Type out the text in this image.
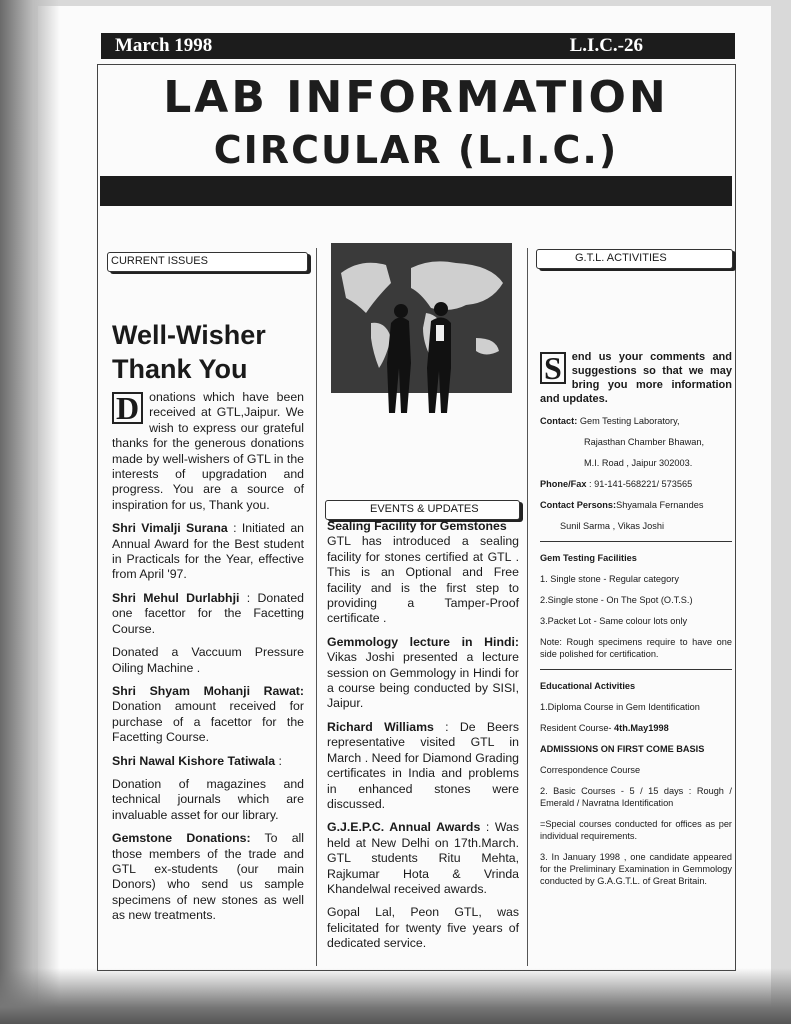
March 1998	L.I.C.-26
LAB INFORMATION
CIRCULAR (L.I.C.)
CURRENT ISSUES
EVENTS & UPDATES
G.T.L. ACTIVITIES
Well-Wisher
Thank You

D onations which have been received at GTL,Jaipur. We wish to express our grateful thanks for the generous donations made by well-wishers of GTL in the interests of upgradation and progress. You are a source of inspiration for us, Thank you.

Shri Vimalji Surana : Initiated an Annual Award for the Best student in Practicals for the Year, effective from April '97.

Shri Mehul Durlabhji : Donated one facettor for the Facetting Course.

Donated a Vaccuum Pressure Oiling Machine .

Shri Shyam Mohanji Rawat: Donation amount received for purchase of a facettor for the Facetting Course.

Shri Nawal Kishore Tatiwala :

Donation of magazines and technical journals which are invaluable asset for our library.

Gemstone Donations: To all those members of the trade and GTL ex-students (our main Donors) who send us sample specimens of new stones as well as new treatments.

Sealing Facility for Gemstones

GTL has introduced a sealing facility for stones certified at GTL . This is an Optional and Free facility and is the first step to providing a Tamper-Proof certificate .

Gemmology lecture in Hindi: Vikas Joshi presented a lecture session on Gemmology in Hindi for a course being conducted by SISI, Jaipur.

Richard Williams : De Beers representative visited GTL in March . Need for Diamond Grading certificates in India and problems in enhanced stones were discussed.

G.J.E.P.C. Annual Awards : Was held at New Delhi on 17th.March. GTL students Ritu Mehta, Rajkumar Hota & Vrinda Khandelwal received awards.

Gopal Lal, Peon GTL, was felicitated for twenty five years of dedicated service.

S end us your comments and suggestions so that we may bring you more information and updates.

Contact: Gem Testing Laboratory,

Rajasthan Chamber Bhawan,

M.I. Road , Jaipur 302003.

Phone/Fax : 91-141-568221/ 573565

Contact Persons:Shyamala Fernandes

Sunil Sarma , Vikas Joshi

Gem Testing Facilities

1. Single stone - Regular category

2.Single stone - On The Spot (O.T.S.)

3.Packet Lot - Same colour lots only

Note: Rough specimens require to have one side polished for certification.

Educational Activities

1.Diploma Course in Gem Identification

Resident Course- 4th.May1998

ADMISSIONS ON FIRST COME BASIS

Correspondence Course

2. Basic Courses - 5 / 15 days : Rough / Emerald / Navratna Identification

=Special courses conducted for offices as per individual requirements.

3. In January 1998 , one candidate appeared for the Preliminary Examination in Gemmology conducted by G.A.G.T.L. of Great Britain.
